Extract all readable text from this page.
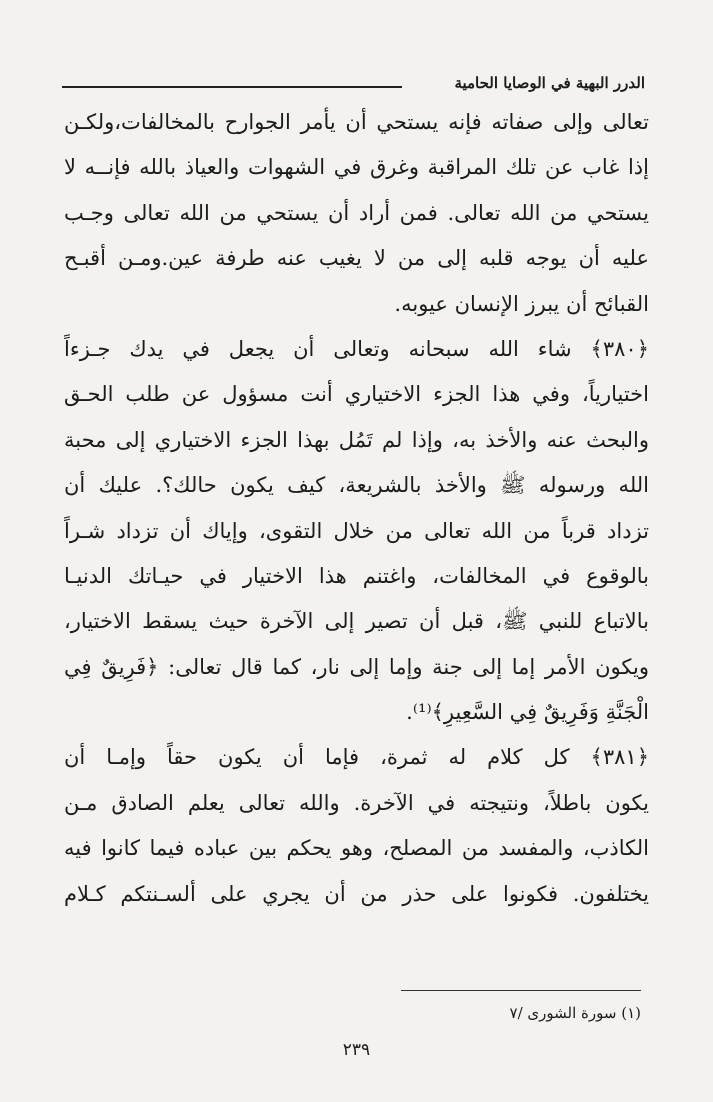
الدرر البهية في الوصايا الحامية
تعالى وإلى صفاته فإنه يستحي أن يأمر الجوارح بالمخالفات،ولكـن
إذا غاب عن تلك المراقبة وغرق في الشهوات والعياذ بالله فإنــه لا
يستحي من الله تعالى. فمن أراد أن يستحي من الله تعالى وجـب
عليه أن يوجه قلبه إلى من لا يغيب عنه طرفة عين.ومـن أقبـح
القبائح أن يبرز الإنسان عيوبه.
﴿٣٨٠﴾ شاء الله سبحانه وتعالى أن يجعل في يدك جـزءاً
اختيارياً، وفي هذا الجزء الاختياري أنت مسؤول عن طلب الحـق
والبحث عنه والأخذ به، وإذا لم تَمُل بهذا الجزء الاختياري إلى محبة
الله ورسوله ﷺ والأخذ بالشريعة، كيف يكون حالك؟. عليك أن
تزداد قرباً من الله تعالى من خلال التقوى، وإياك أن تزداد شـراً
بالوقوع في المخالفات، واغتنم هذا الاختيار في حيـاتك الدنيـا
بالاتباع للنبي ﷺ، قبل أن تصير إلى الآخرة حيث يسقط الاختيار،
ويكون الأمر إما إلى جنة وإما إلى نار، كما قال تعالى: ﴿فَرِيقٌ فِي
الْجَنَّةِ وَفَرِيقٌ فِي السَّعِيرِ﴾⁽¹⁾.
﴿٣٨١﴾ كل كلام له ثمرة، فإما أن يكون حقاً وإمـا أن
يكون باطلاً، ونتيجته في الآخرة. والله تعالى يعلم الصادق مـن
الكاذب، والمفسد من المصلح، وهو يحكم بين عباده فيما كانوا فيه
يختلفون. فكونوا على حذر من أن يجري على ألسـنتكم كـلام
(١) سورة الشورى /٧
٢٣٩
